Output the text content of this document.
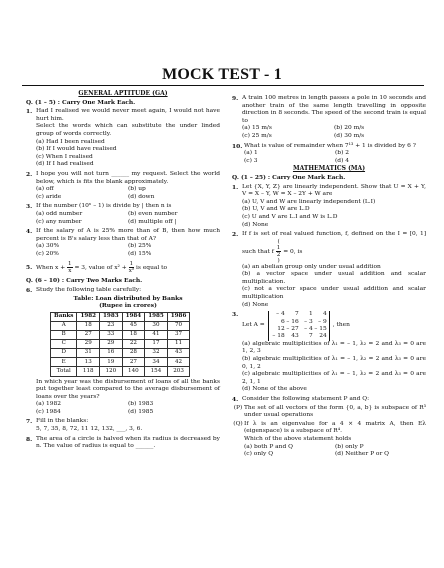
MOCK TEST - 1
GENERAL APTITUDE (GA)
Q. (1 – 5) : Carry One Mark Each.
1. Had I realised we would never meet again, I would not have hurt him.
Select the words which can substitute the under linded group of words correctly.
(a) Had I been realised
(b) If I would have realised
(c) When I realised
(d) If I had realised
2. I hope you will not turn ______ my request. Select the world below, which is fits the blank approximately.
(a) off	(b) up
(c) aride	(d) down
3. If the number (10ⁿ – 1) is divide by | then n is
(a) odd number	(b) even number
(c) any number	(d) multiple off |
4. If the salary of A is 25% more than of B, then how much percent is B's salary less than that of A?
(a) 30%	(b) 25%
(c) 20%	(d) 15%
5. When $x + \frac{1}{x} = 3$, value of $x^2 + \frac{1}{\text{x²}}$ is equal to
Q. (6 – 10) : Carry Two Marks Each.
6. Study the following table carefully:
Table: Loan distributed by Banks
(Rupee in crores)
Banks	1982	1983	1984	1985	1986
A	18	23	45	30	70
B	27	33	18	41	37
C	29	29	22	17	11
D	31	16	28	32	43
E	13	19	27	34	42
Total	118	120	140	154	203
In which year was the disbursement of loans of all the banks put together least compared to the average disbursement of loans over the years?
(a) 1982	(b) 1983
(c) 1984	(d) 1985
7. Fill in the blanks:
5, 7, 35, 8, 72, 11 12, 132, ___, 3, 6.
8. The area of a circle is halved when its radius is decreased by n. The value of radius is equal to ______.
9. A train 100 metres in length passes a pole in 10 seconds and another train of the same length travelling in opposite direction in 8 seconds. The speed of the second train is equal to
(a) 15 m/s	(b) 20 m/s
(c) 25 m/s	(d) 30 m/s
10. What is value of remainder when 7¹³ + 1 is divided by 6 ?
(a) 1	(b) 2
(c) 3	(d) 4
MATHEMATICS (MA)
Q. (1 – 25) : Carry One Mark Each.
1. Let {X, Y, Z} are linearly independent. Show that U = X + Y, V = X – Y, W = X – 2Y + W are
(a) U, V and W are linearly independent (L.I)
(b) U, V and W are L.D
(c) U and V are L.I and W is L.D
(d) None
2. If f is set of real valued function, f, defined on the I = [0, 1] such that f (
1
2
) = 0, is
(a) an abelian group only under usual addition
(b) a vector space under usual addition and scalar multiplication.
(c) not a vector space under usual addition and scalar multiplication
(d) None
3.
Let A =
– 4	7	1	4
6 – 16 – 3 – 9
12 – 27 – 4 – 15
– 18	43	7	24
, then
(a) algebraic multiplicities of λ₁ = – 1, λ₂ = 2 and λ₃ = 0 are 1, 2, 3
(b) algebraic multiplicities of λ₁ = – 1, λ₂ = 2 and λ₃ = 0 are 0, 1, 2
(c) algebraic multiplicities of λ₁ = – 1, λ₂ = 2 and λ₃ = 0 are 2, 1, 1
(d) None of the above
4. Consider the following statement P and Q:
(P) The set of all vectors of the form {0, a, b} is subspace of R³ under usual operations
(Q) If λ is an eigenvalue for a 4 × 4 matrix A, then Eλ (eigenspace) is a subspace of R⁴.
Which of the above statement holds
(a) both P and Q	(b) only P
(c) only Q	(d) Neither P or Q
